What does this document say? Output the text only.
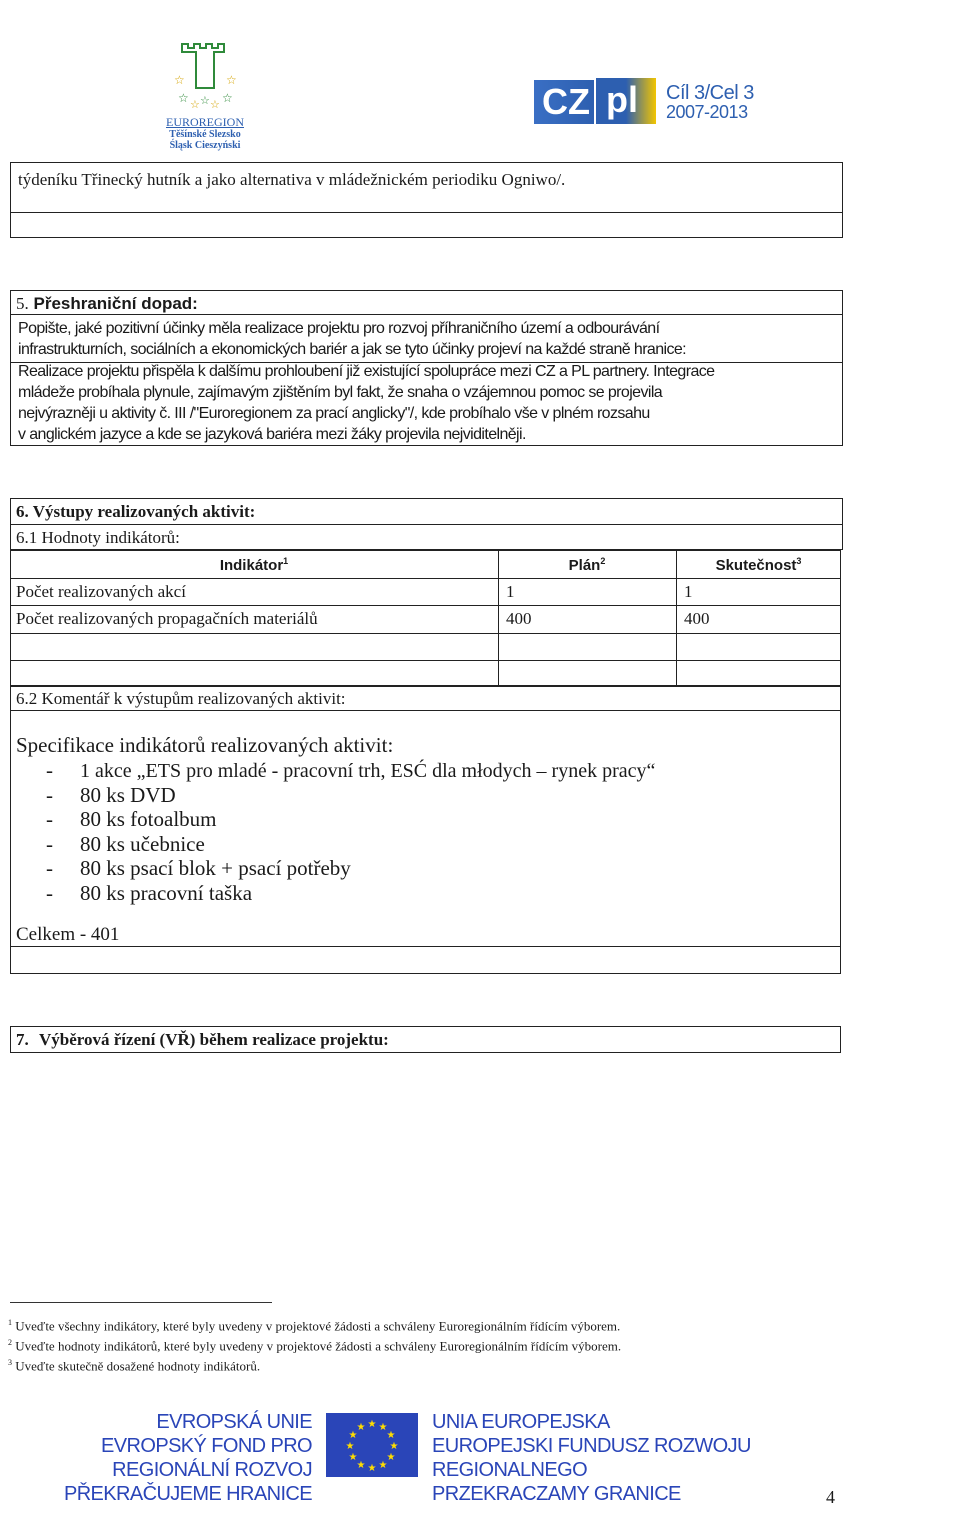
☆	☆
☆	☆
☆ ☆
☆
EUROREGION
Těšínské Slezsko
Śląsk Cieszyński
CZ pl Cíl 3/Cel 3
2007-2013
týdeníku Třinecký hutník a jako alternativa v mládežnickém periodiku Ogniwo/.
5. Přeshraniční dopad:
Popište, jaké pozitivní účinky měla realizace projektu pro rozvoj příhraničního území a odbourávání
infrastrukturních, sociálních a ekonomických bariér a jak se tyto účinky projeví na každé straně hranice:
Realizace projektu přispěla k dalšímu prohloubení již existující spolupráce mezi CZ a PL partnery. Integrace
mládeže probíhala plynule, zajímavým zjištěním byl fakt, že snaha o vzájemnou pomoc se projevila
nejvýrazněji u aktivity č. III /"Euroregionem za prací anglicky"/, kde probíhalo vše v plném rozsahu
v anglickém jazyce a kde se jazyková bariéra mezi žáky projevila nejviditelněji.
6. Výstupy realizovaných aktivit:
6.1 Hodnoty indikátorů:
Indikátor$^1$	Plán$^2$	Skutečnost$^3$
Počet realizovaných akcí	1	1
Počet realizovaných propagačních materiálů	400	400
6.2 Komentář k výstupům realizovaných aktivit:
Specifikace indikátorů realizovaných aktivit:
- 1 akce „ETS pro mladé - pracovní trh, ESĆ dla młodych – rynek pracy“
- 80 ks DVD
- 80 ks fotoalbum
- 80 ks učebnice
- 80 ks psací blok + psací potřeby
- 80 ks pracovní taška
Celkem - 401
7. Výběrová řízení (VŘ) během realizace projektu:
$^1$ Uveďte všechny indikátory, které byly uvedeny v projektové žádosti a schváleny Euroregionálním řídícím výborem.
$^2$ Uveďte hodnoty indikátorů, které byly uvedeny v projektové žádosti a schváleny Euroregionálním řídícím výborem.
$^3$ Uveďte skutečně dosažené hodnoty indikátorů.
EVROPSKÁ UNIE
EVROPSKÝ FOND PRO REGIONÁLNÍ ROZVOJ
PŘEKRAČUJEME HRANICE
★ ★
★
★
★
★
★
★
★
★
★
★	UNIA EUROPEJSKA
EUROPEJSKI FUNDUSZ ROZWOJU REGIONALNEGO
PRZEKRACZAMY GRANICE	4
